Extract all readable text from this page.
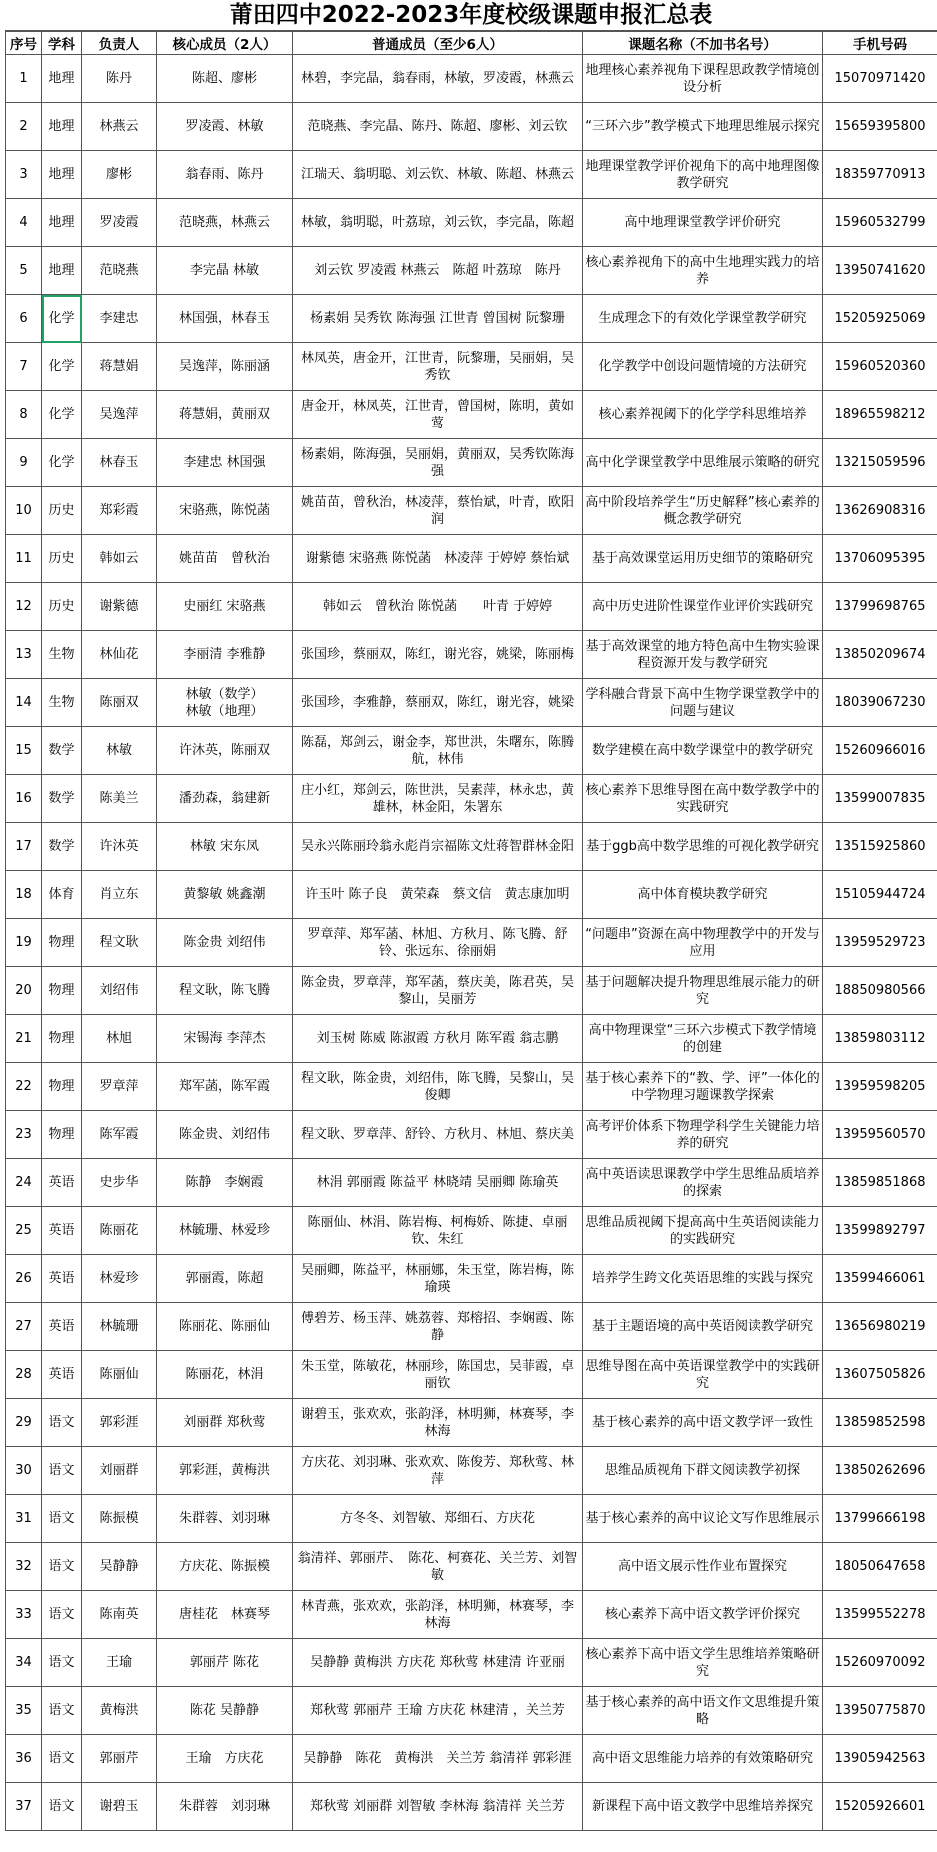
莆田四中2022-2023年度校级课题申报汇总表
序号	学科	负责人	核心成员（2人）	普通成员（至少6人）	课题名称（不加书名号）	手机号码
1	地理	陈丹	陈超、廖彬	林碧，李完晶，翁春雨，林敏，罗凌霞，林燕云	地理核心素养视角下课程思政教学情境创设分析	15070971420
2	地理	林燕云	罗凌霞、林敏	范晓燕、李完晶、陈丹、陈超、廖彬、刘云钦	“三环六步”教学模式下地理思维展示探究	15659395800
3	地理	廖彬	翁春雨、陈丹	江瑞天、翁明聪、刘云钦、林敏、陈超、林燕云	地理课堂教学评价视角下的高中地理图像教学研究	18359770913
4	地理	罗凌霞	范晓燕，林燕云	林敏，翁明聪，叶荔琼，刘云钦，李完晶，陈超	高中地理课堂教学评价研究	15960532799
5	地理	范晓燕	李完晶 林敏	刘云钦 罗凌霞 林燕云　陈超 叶荔琼　陈丹	核心素养视角下的高中生地理实践力的培养	13950741620
6	化学	李建忠	林国强，林春玉	杨素娟 吴秀钦 陈海强 江世青 曾国树 阮黎珊	生成理念下的有效化学课堂教学研究	15205925069
7	化学	蒋慧娟	吴逸萍，陈丽涵	林凤英，唐金开，江世青，阮黎珊，吴丽娟，吴秀钦	化学教学中创设问题情境的方法研究	15960520360
8	化学	吴逸萍	蒋慧娟，黄丽双	唐金开，林凤英，江世青，曾国树，陈明，黄如莺	核心素养视阈下的化学学科思维培养	18965598212
9	化学	林春玉	李建忠 林国强	杨素娟，陈海强，吴丽娟，黄丽双，吴秀钦陈海强	高中化学课堂教学中思维展示策略的研究	13215059596
10	历史	郑彩霞	宋骆燕，陈悦菡	姚苗苗，曾秋治，林凌萍，蔡怡斌，叶青，欧阳润	高中阶段培养学生“历史解释”核心素养的概念教学研究	13626908316
11	历史	韩如云	姚苗苗　曾秋治	谢紫德 宋骆燕 陈悦菡　林凌萍 于婷婷 蔡怡斌	基于高效课堂运用历史细节的策略研究	13706095395
12	历史	谢紫德	史丽红 宋骆燕	韩如云　曾秋治 陈悦菡　　叶青 于婷婷	高中历史进阶性课堂作业评价实践研究	13799698765
13	生物	林仙花	李丽清 李雅静	张国珍，蔡丽双，陈红，谢光容，姚梁，陈丽梅	基于高效课堂的地方特色高中生物实验课程资源开发与教学研究	13850209674
14	生物	陈丽双	林敏（数学）
林敏（地理）	张国珍，李雅静，蔡丽双，陈红，谢光容，姚梁	学科融合背景下高中生物学课堂教学中的问题与建议	18039067230
15	数学	林敏	许沐英，陈丽双	陈磊，郑剑云，谢金李，郑世洪，朱曙东，陈腾航，林伟	数学建模在高中数学课堂中的教学研究	15260966016
16	数学	陈美兰	潘劲森，翁建新	庄小红，郑剑云，陈世洪，吴素萍，林永忠，黄雄林，林金阳，朱署东	核心素养下思维导图在高中数学教学中的实践研究	13599007835
17	数学	许沐英	林敏 宋东凤	吴永兴陈丽玲翁永彪肖宗福陈文灶蒋智群林金阳	基于ggb高中数学思维的可视化教学研究	13515925860
18	体育	肖立东	黄黎敏 姚鑫潮	许玉叶 陈子良　黄荣森　蔡文信　黄志康加明	高中体育模块教学研究	15105944724
19	物理	程文耿	陈金贵 刘绍伟	罗章萍、郑军菡、林旭、方秋月、陈飞腾、舒铃、张远东、徐丽娟	“问题串”资源在高中物理教学中的开发与应用	13959529723
20	物理	刘绍伟	程文耿，陈飞腾	陈金贵，罗章萍，郑军菡，蔡庆美，陈君英，吴黎山，吴丽芳	基于问题解决提升物理思维展示能力的研究	18850980566
21	物理	林旭	宋锡海 李萍杰	刘玉树 陈威 陈淑霞 方秋月 陈军霞 翁志鹏	高中物理课堂“三环六步模式下教学情境的创建	13859803112
22	物理	罗章萍	郑军菡，陈军霞	程文耿，陈金贵，刘绍伟，陈飞腾，吴黎山，吴俊卿	基于核心素养下的“教、学、评”一体化的中学物理习题课教学探索	13959598205
23	物理	陈军霞	陈金贵、刘绍伟	程文耿、罗章萍、舒铃、方秋月、林旭、蔡庆美	高考评价体系下物理学科学生关键能力培养的研究	13959560570
24	英语	史步华	陈静　李娴霞	林涓 郭丽霞 陈益平 林晓靖 吴丽卿 陈瑜英	高中英语读思课教学中学生思维品质培养的探索	13859851868
25	英语	陈丽花	林毓珊、林爱珍	陈丽仙、林涓、陈岩梅、柯梅娇、陈捷、卓丽钦、朱红	思维品质视阈下提高高中生英语阅读能力的实践研究	13599892797
26	英语	林爱珍	郭丽霞，陈超	吴丽卿，陈益平，林丽娜，朱玉堂，陈岩梅，陈瑜瑛	培养学生跨文化英语思维的实践与探究	13599466061
27	英语	林毓珊	陈丽花、陈丽仙	傅碧芳、杨玉萍、姚荔蓉、郑榕招、李娴霞、陈静	基于主题语境的高中英语阅读教学研究	13656980219
28	英语	陈丽仙	陈丽花，林涓	朱玉堂，陈敏花，林丽珍，陈国忠，吴菲霞，卓丽钦	思维导图在高中英语课堂教学中的实践研究	13607505826
29	语文	郭彩涯	刘丽群 郑秋莺	谢碧玉，张欢欢，张韵泽，林明狮，林赛琴，李林海	基于核心素养的高中语文教学评一致性	13859852598
30	语文	刘丽群	郭彩涯，黄梅洪	方庆花、刘羽琳、张欢欢、陈俊芳、郑秋莺、林萍	思维品质视角下群文阅读教学初探	13850262696
31	语文	陈振模	朱群蓉、刘羽琳	方冬冬、刘智敏、郑细石、方庆花	基于核心素养的高中议论文写作思维展示	13799666198
32	语文	吴静静	方庆花、陈振模	翁清祥、郭丽芹、　陈花、柯赛花、关兰芳、刘智敏	高中语文展示性作业布置探究	18050647658
33	语文	陈南英	唐桂花　林赛琴	林青燕，张欢欢，张韵泽，林明狮，林赛琴，李林海	核心素养下高中语文教学评价探究	13599552278
34	语文	王瑜	郭丽芹 陈花	吴静静 黄梅洪 方庆花 郑秋莺 林建清 许亚丽	核心素养下高中语文学生思维培养策略研究	15260970092
35	语文	黄梅洪	陈花 吴静静	郑秋莺 郭丽芹 王瑜 方庆花 林建清 ，关兰芳	基于核心素养的高中语文作文思维提升策略	13950775870
36	语文	郭丽芹	王瑜　方庆花	吴静静　陈花　黄梅洪　关兰芳 翁清祥 郭彩涯	高中语文思维能力培养的有效策略研究	13905942563
37	语文	谢碧玉	朱群蓉　刘羽琳	郑秋莺 刘丽群 刘智敏 李林海 翁清祥 关兰芳	新课程下高中语文教学中思维培养探究	15205926601
